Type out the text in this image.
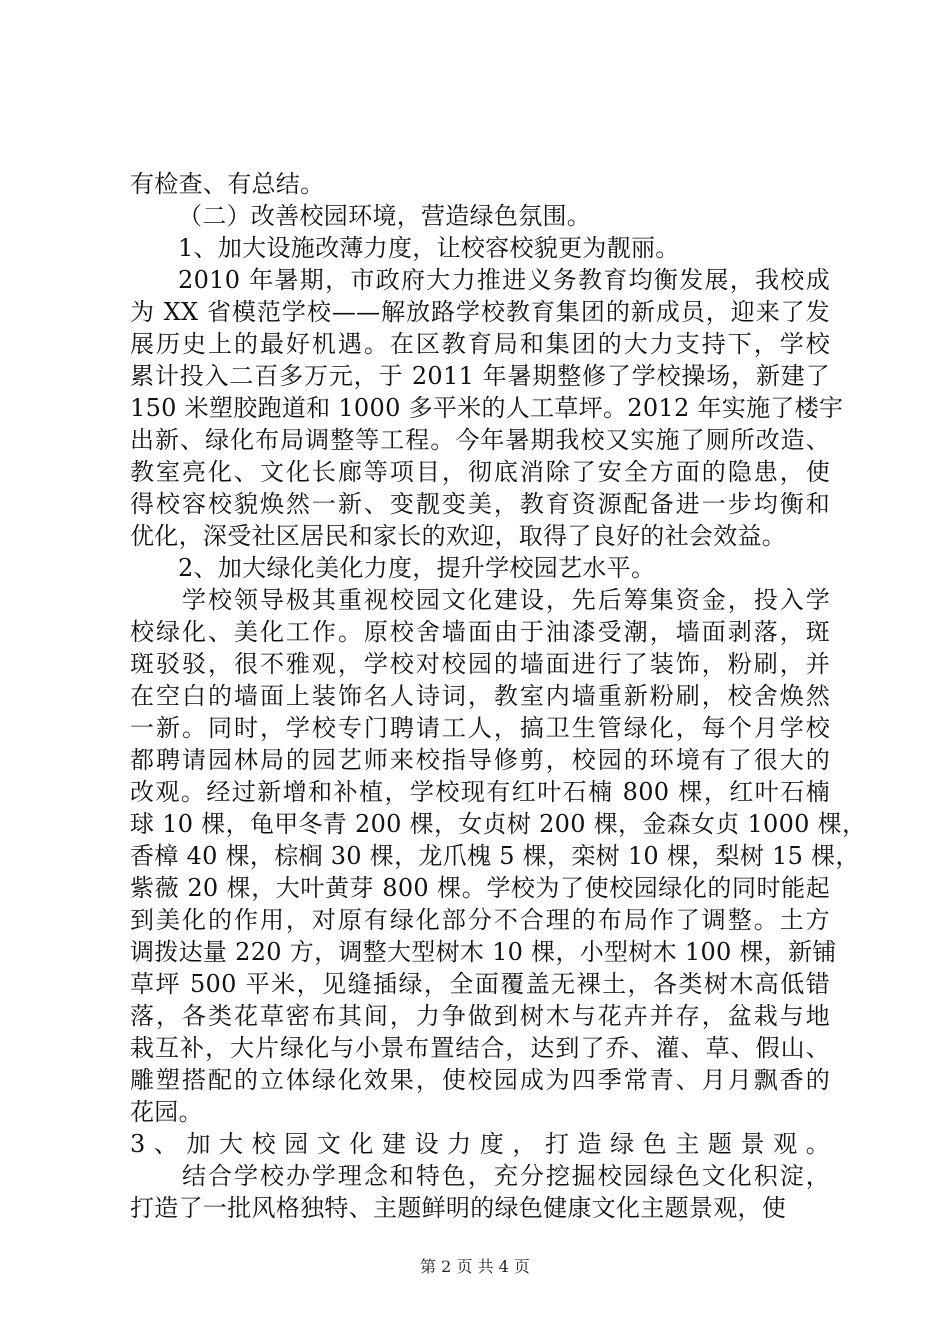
有检查、有总结。
（二）改善校园环境，营造绿色氛围。
1、加大设施改薄力度，让校容校貌更为靓丽。
2010 年暑期，市政府大力推进义务教育均衡发展，我校成
为 XX 省模范学校——解放路学校教育集团的新成员，迎来了发
展历史上的最好机遇。在区教育局和集团的大力支持下，学校
累计投入二百多万元，于 2011 年暑期整修了学校操场，新建了
150 米塑胶跑道和 1000 多平米的人工草坪。2012 年实施了楼宇
出新、绿化布局调整等工程。今年暑期我校又实施了厕所改造、
教室亮化、文化长廊等项目，彻底消除了安全方面的隐患，使
得校容校貌焕然一新、变靓变美，教育资源配备进一步均衡和
优化，深受社区居民和家长的欢迎，取得了良好的社会效益。
2、加大绿化美化力度，提升学校园艺水平。
学校领导极其重视校园文化建设，先后筹集资金，投入学
校绿化、美化工作。原校舍墙面由于油漆受潮，墙面剥落，斑
斑驳驳，很不雅观，学校对校园的墙面进行了装饰，粉刷，并
在空白的墙面上装饰名人诗词，教室内墙重新粉刷，校舍焕然
一新。同时，学校专门聘请工人，搞卫生管绿化，每个月学校
都聘请园林局的园艺师来校指导修剪，校园的环境有了很大的
改观。经过新增和补植，学校现有红叶石楠 800 棵，红叶石楠
球 10 棵，龟甲冬青 200 棵，女贞树 200 棵，金森女贞 1000 棵，
香樟 40 棵，棕榈 30 棵，龙爪槐 5 棵，栾树 10 棵，梨树 15 棵，
紫薇 20 棵，大叶黄芽 800 棵。学校为了使校园绿化的同时能起
到美化的作用，对原有绿化部分不合理的布局作了调整。土方
调拨达量 220 方，调整大型树木 10 棵，小型树木 100 棵，新铺
草坪 500 平米，见缝插绿，全面覆盖无裸土，各类树木高低错
落，各类花草密布其间，力争做到树木与花卉并存，盆栽与地
栽互补，大片绿化与小景布置结合，达到了乔、灌、草、假山、
雕塑搭配的立体绿化效果，使校园成为四季常青、月月飘香的
花园。
3、加大校园文化建设力度，打造绿色主题景观。
结合学校办学理念和特色，充分挖掘校园绿色文化积淀，
打造了一批风格独特、主题鲜明的绿色健康文化主题景观，使
第 2 页 共 4 页
